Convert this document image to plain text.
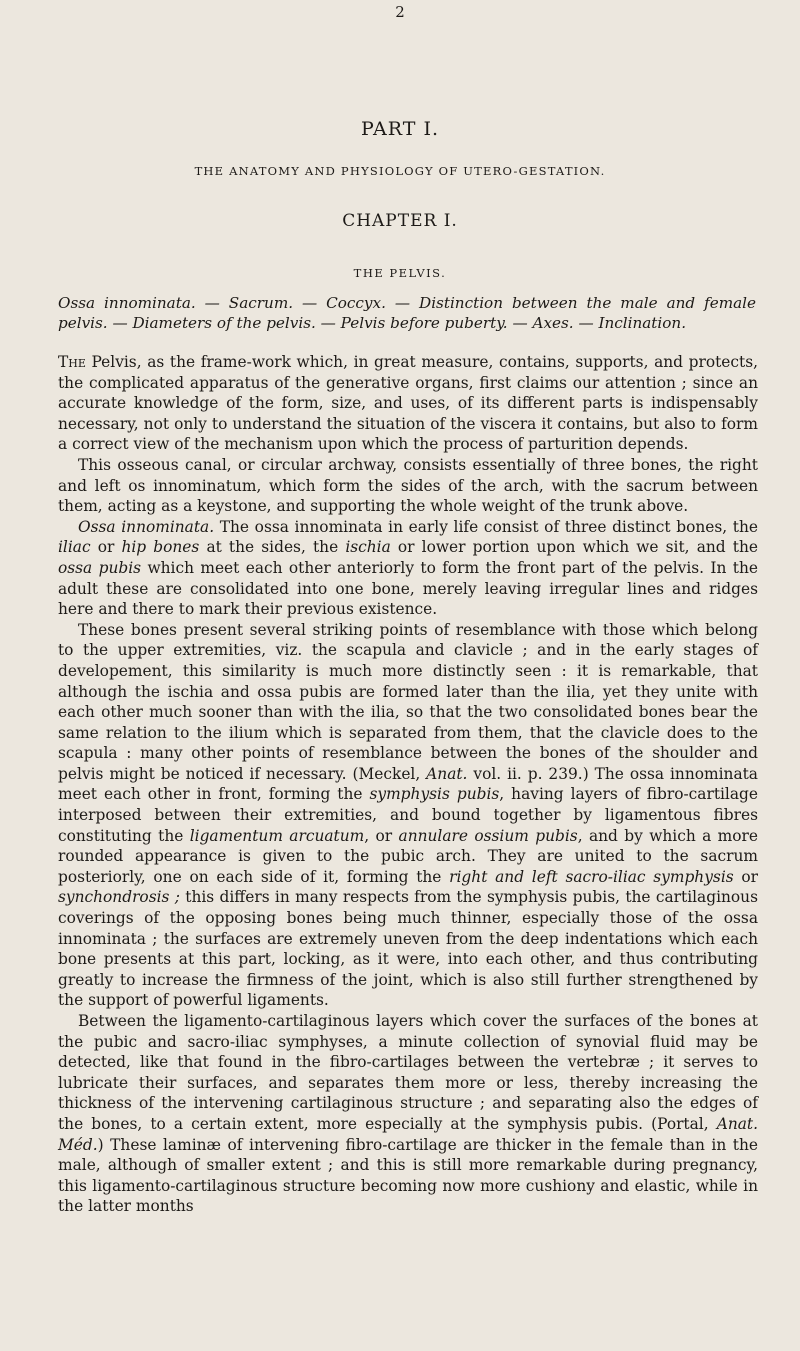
2
PART I.
THE ANATOMY AND PHYSIOLOGY OF UTERO-GESTATION.
CHAPTER I.
THE PELVIS.
Ossa innominata. — Sacrum. — Coccyx. — Distinction between the male and female pelvis. — Diameters of the pelvis. — Pelvis before puberty. — Axes. — Inclination.

The Pelvis, as the frame-work which, in great measure, contains, supports, and protects, the complicated apparatus of the generative organs, first claims our attention ; since an accurate knowledge of the form, size, and uses, of its different parts is indispensably necessary, not only to understand the situation of the viscera it contains, but also to form a correct view of the mechanism upon which the process of parturition depends.

This osseous canal, or circular archway, consists essentially of three bones, the right and left os innominatum, which form the sides of the arch, with the sacrum between them, acting as a keystone, and supporting the whole weight of the trunk above.

Ossa innominata. The ossa innominata in early life consist of three distinct bones, the iliac or hip bones at the sides, the ischia or lower portion upon which we sit, and the ossa pubis which meet each other anteriorly to form the front part of the pelvis. In the adult these are consolidated into one bone, merely leaving irregular lines and ridges here and there to mark their previous existence.

These bones present several striking points of resemblance with those which belong to the upper extremities, viz. the scapula and clavicle ; and in the early stages of developement, this similarity is much more distinctly seen : it is remarkable, that although the ischia and ossa pubis are formed later than the ilia, yet they unite with each other much sooner than with the ilia, so that the two consolidated bones bear the same relation to the ilium which is separated from them, that the clavicle does to the scapula : many other points of resemblance between the bones of the shoulder and pelvis might be noticed if necessary. (Meckel, Anat. vol. ii. p. 239.) The ossa innominata meet each other in front, forming the symphysis pubis, having layers of fibro-cartilage interposed between their extremities, and bound together by ligamentous fibres constituting the ligamentum arcuatum, or annulare ossium pubis, and by which a more rounded appearance is given to the pubic arch. They are united to the sacrum posteriorly, one on each side of it, forming the right and left sacro-iliac symphysis or synchondrosis ; this differs in many respects from the symphysis pubis, the cartilaginous coverings of the opposing bones being much thinner, especially those of the ossa innominata ; the surfaces are extremely uneven from the deep indentations which each bone presents at this part, locking, as it were, into each other, and thus contributing greatly to increase the firmness of the joint, which is also still further strengthened by the support of powerful ligaments.

Between the ligamento-cartilaginous layers which cover the surfaces of the bones at the pubic and sacro-iliac symphyses, a minute collection of synovial fluid may be detected, like that found in the fibro-cartilages between the vertebræ ; it serves to lubricate their surfaces, and separates them more or less, thereby increasing the thickness of the intervening cartilaginous structure ; and separating also the edges of the bones, to a certain extent, more especially at the symphysis pubis. (Portal, Anat. Méd.) These laminæ of intervening fibro-cartilage are thicker in the female than in the male, although of smaller extent ; and this is still more remarkable during pregnancy, this ligamento-cartilaginous structure becoming now more cushiony and elastic, while in the latter months
